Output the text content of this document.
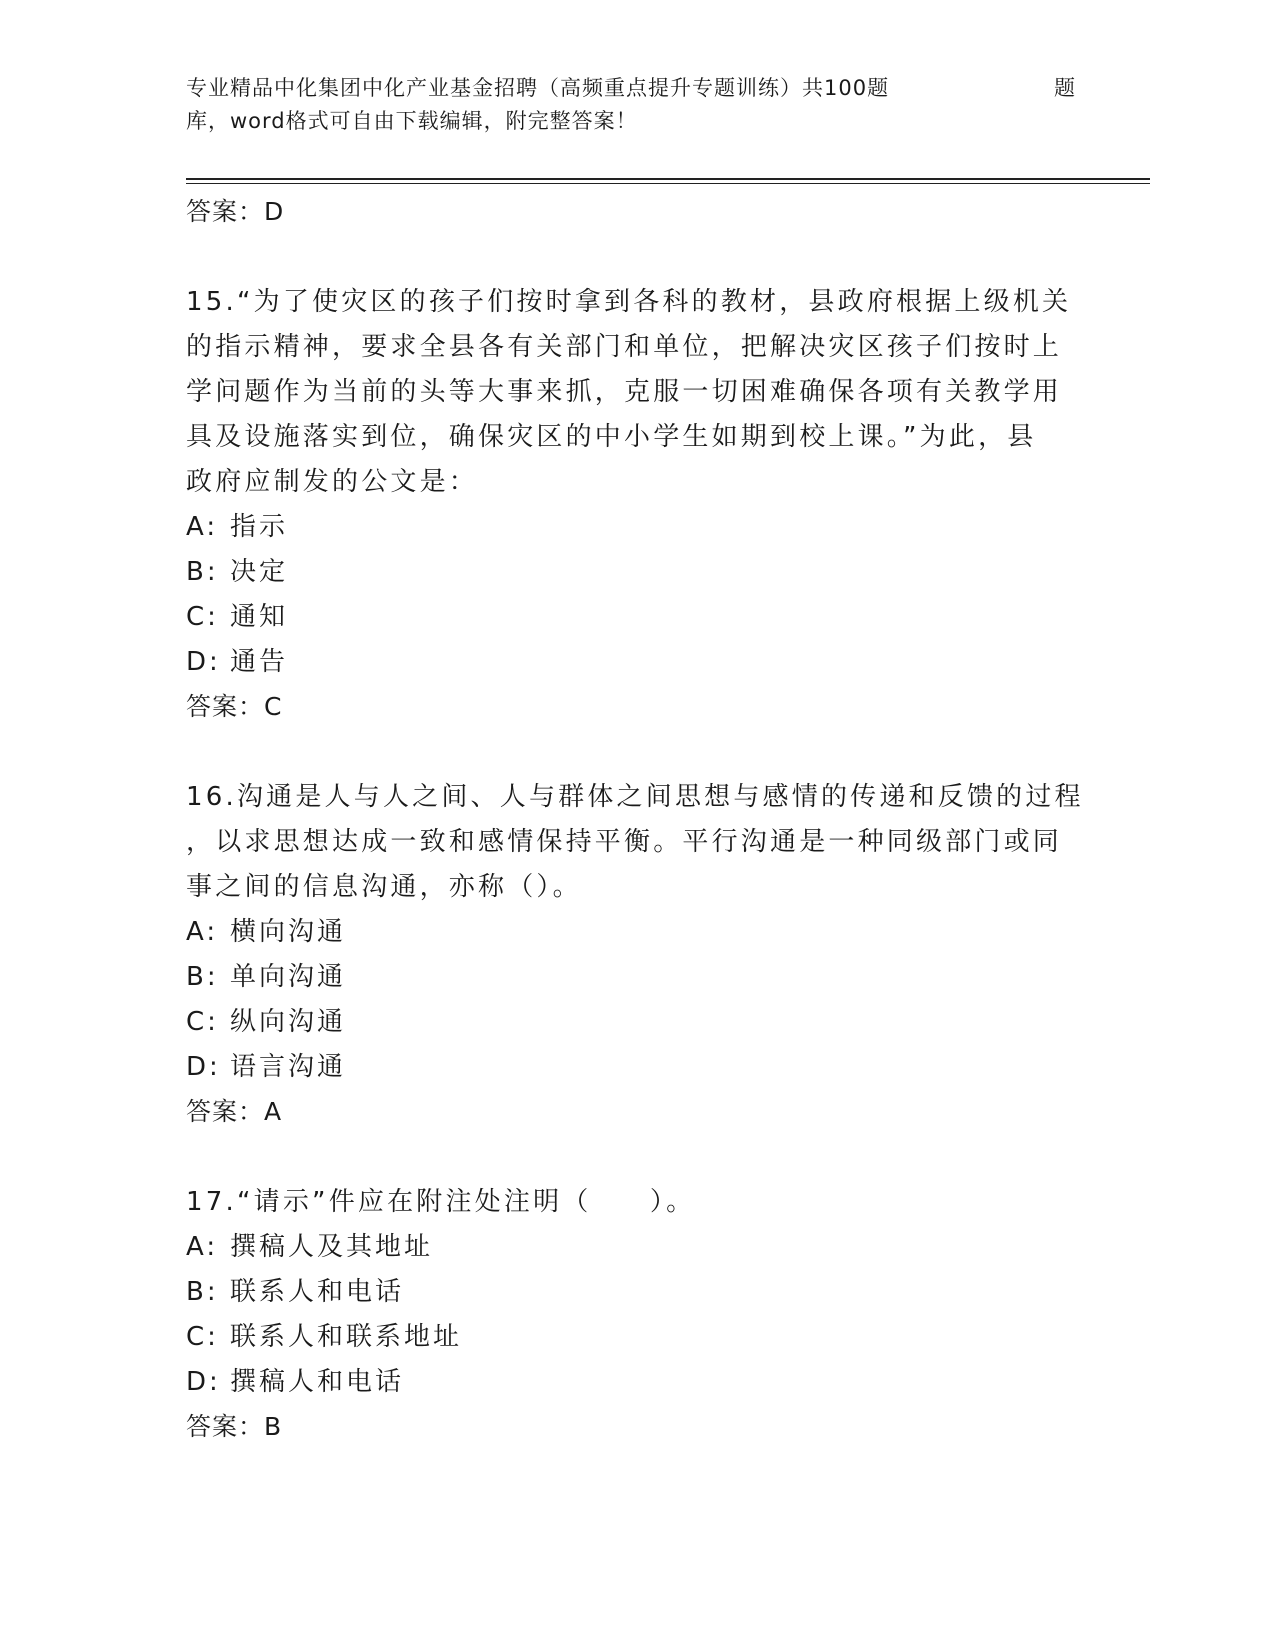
专业精品中化集团中化产业基金招聘（高频重点提升专题训练）共100题	题
库，word格式可自由下载编辑，附完整答案！
答案：D
15.“为了使灾区的孩子们按时拿到各科的教材，县政府根据上级机关
的指示精神，要求全县各有关部门和单位，把解决灾区孩子们按时上
学问题作为当前的头等大事来抓，克服一切困难确保各项有关教学用
具及设施落实到位，确保灾区的中小学生如期到校上课。”为此，县
政府应制发的公文是：
A: 指示
B: 决定
C: 通知
D: 通告
答案：C
16.沟通是人与人之间、人与群体之间思想与感情的传递和反馈的过程
，以求思想达成一致和感情保持平衡。平行沟通是一种同级部门或同
事之间的信息沟通，亦称（）。
A: 横向沟通
B: 单向沟通
C: 纵向沟通
D: 语言沟通
答案：A
17.“请示”件应在附注处注明（　　）。
A: 撰稿人及其地址
B: 联系人和电话
C: 联系人和联系地址
D: 撰稿人和电话
答案：B
